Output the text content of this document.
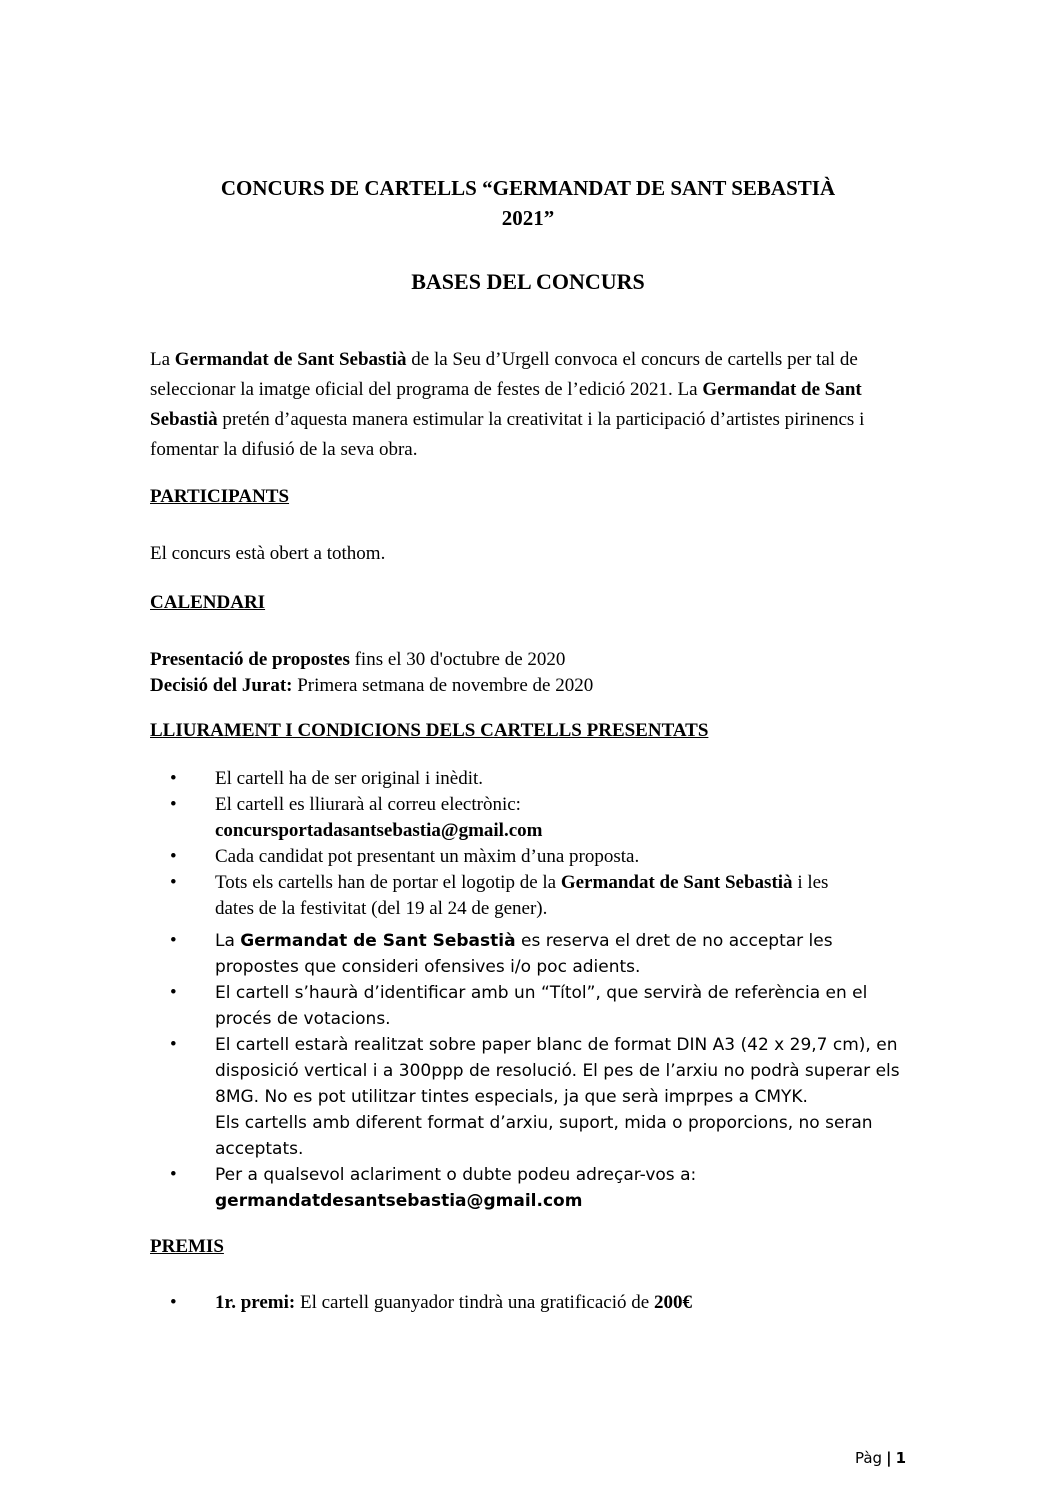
CONCURS DE CARTELLS “GERMANDAT DE SANT SEBASTIÀ
2021”
BASES DEL CONCURS

La Germandat de Sant Sebastià de la Seu d’Urgell convoca el concurs de cartells per tal de seleccionar la imatge oficial del programa de festes de l’edició 2021. La Germandat de Sant Sebastià pretén d’aquesta manera estimular la creativitat i la participació d’artistes pirinencs i fomentar la difusió de la seva obra.

PARTICIPANTS

El concurs està obert a tothom.

CALENDARI

Presentació de propostes fins el 30 d'octubre de 2020

Decisió del Jurat: Primera setmana de novembre de 2020

LLIURAMENT I CONDICIONS DELS CARTELLS PRESENTATS
• El cartell ha de ser original i inèdit.
• El cartell es lliurarà al correu electrònic:
concursportadasantsebastia@gmail.com
• Cada candidat pot presentant un màxim d’una proposta.
• Tots els cartells han de portar el logotip de la Germandat de Sant Sebastià i les dates de la festivitat (del 19 al 24 de gener).
• La Germandat de Sant Sebastià es reserva el dret de no acceptar les propostes que consideri ofensives i/o poc adients.
• El cartell s’haurà d’identificar amb un “Títol”, que servirà de referència en el procés de votacions.
• El cartell estarà realitzat sobre paper blanc de format DIN A3 (42 x 29,7 cm), en disposició vertical i a 300ppp de resolució. El pes de l’arxiu no podrà superar els 8MG. No es pot utilitzar tintes especials, ja que serà imprpes a CMYK.
Els cartells amb diferent format d’arxiu, suport, mida o proporcions, no seran acceptats.
• Per a qualsevol aclariment o dubte podeu adreçar-vos a:
germandatdesantsebastia@gmail.com
PREMIS
• 1r. premi: El cartell guanyador tindrà una gratificació de 200€
Pàg | 1
